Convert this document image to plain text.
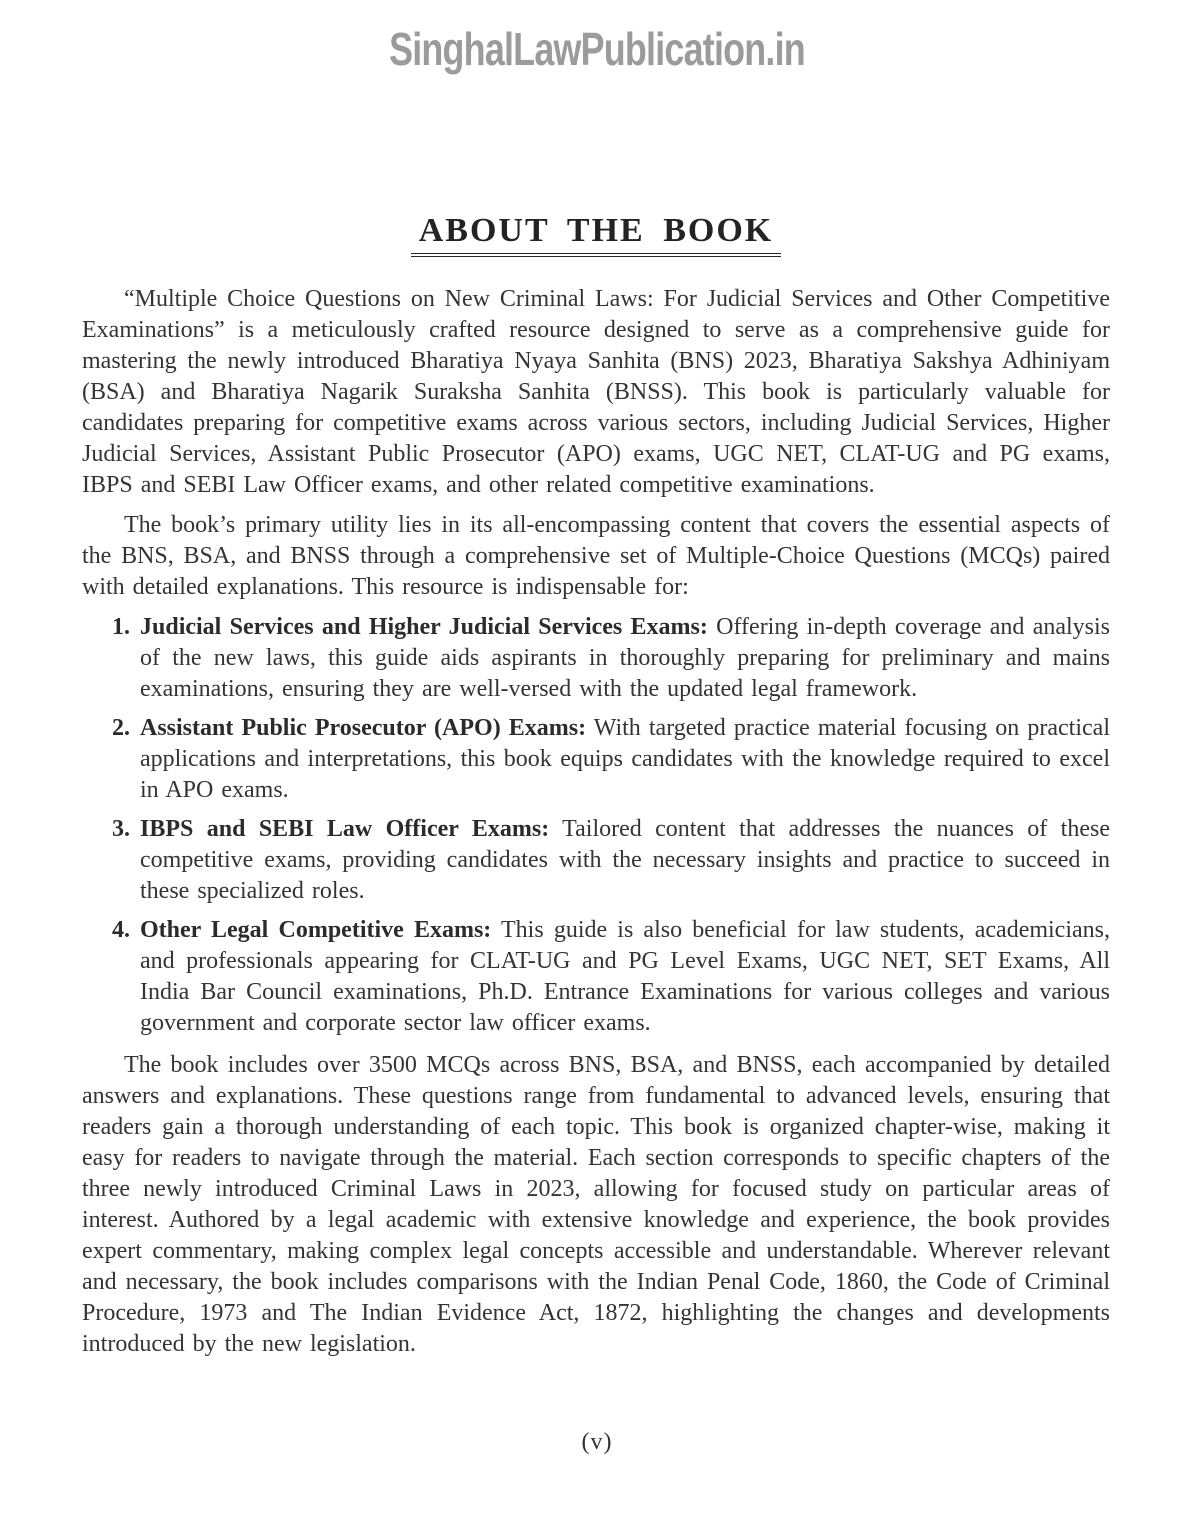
SinghalLawPublication.in
ABOUT THE BOOK

“Multiple Choice Questions on New Criminal Laws: For Judicial Services and Other Competitive Examinations” is a meticulously crafted resource designed to serve as a comprehensive guide for mastering the newly introduced Bharatiya Nyaya Sanhita (BNS) 2023, Bharatiya Sakshya Adhiniyam (BSA) and Bharatiya Nagarik Suraksha Sanhita (BNSS). This book is particularly valuable for candidates preparing for competitive exams across various sectors, including Judicial Services, Higher Judicial Services, Assistant Public Prosecutor (APO) exams, UGC NET, CLAT-UG and PG exams, IBPS and SEBI Law Officer exams, and other related competitive examinations.

The book’s primary utility lies in its all-encompassing content that covers the essential aspects of the BNS, BSA, and BNSS through a comprehensive set of Multiple-Choice Questions (MCQs) paired with detailed explanations. This resource is indispensable for:

1. Judicial Services and Higher Judicial Services Exams: Offering in-depth coverage and analysis of the new laws, this guide aids aspirants in thoroughly preparing for preliminary and mains examinations, ensuring they are well-versed with the updated legal framework.
2. Assistant Public Prosecutor (APO) Exams: With targeted practice material focusing on practical applications and interpretations, this book equips candidates with the knowledge required to excel in APO exams.
3. IBPS and SEBI Law Officer Exams: Tailored content that addresses the nuances of these competitive exams, providing candidates with the necessary insights and practice to succeed in these specialized roles.
4. Other Legal Competitive Exams: This guide is also beneficial for law students, academicians, and professionals appearing for CLAT-UG and PG Level Exams, UGC NET, SET Exams, All India Bar Council examinations, Ph.D. Entrance Examinations for various colleges and various government and corporate sector law officer exams.

The book includes over 3500 MCQs across BNS, BSA, and BNSS, each accompanied by detailed answers and explanations. These questions range from fundamental to advanced levels, ensuring that readers gain a thorough understanding of each topic. This book is organized chapter-wise, making it easy for readers to navigate through the material. Each section corresponds to specific chapters of the three newly introduced Criminal Laws in 2023, allowing for focused study on particular areas of interest. Authored by a legal academic with extensive knowledge and experience, the book provides expert commentary, making complex legal concepts accessible and understandable. Wherever relevant and necessary, the book includes comparisons with the Indian Penal Code, 1860, the Code of Criminal Procedure, 1973 and The Indian Evidence Act, 1872, highlighting the changes and developments introduced by the new legislation.

(v)
